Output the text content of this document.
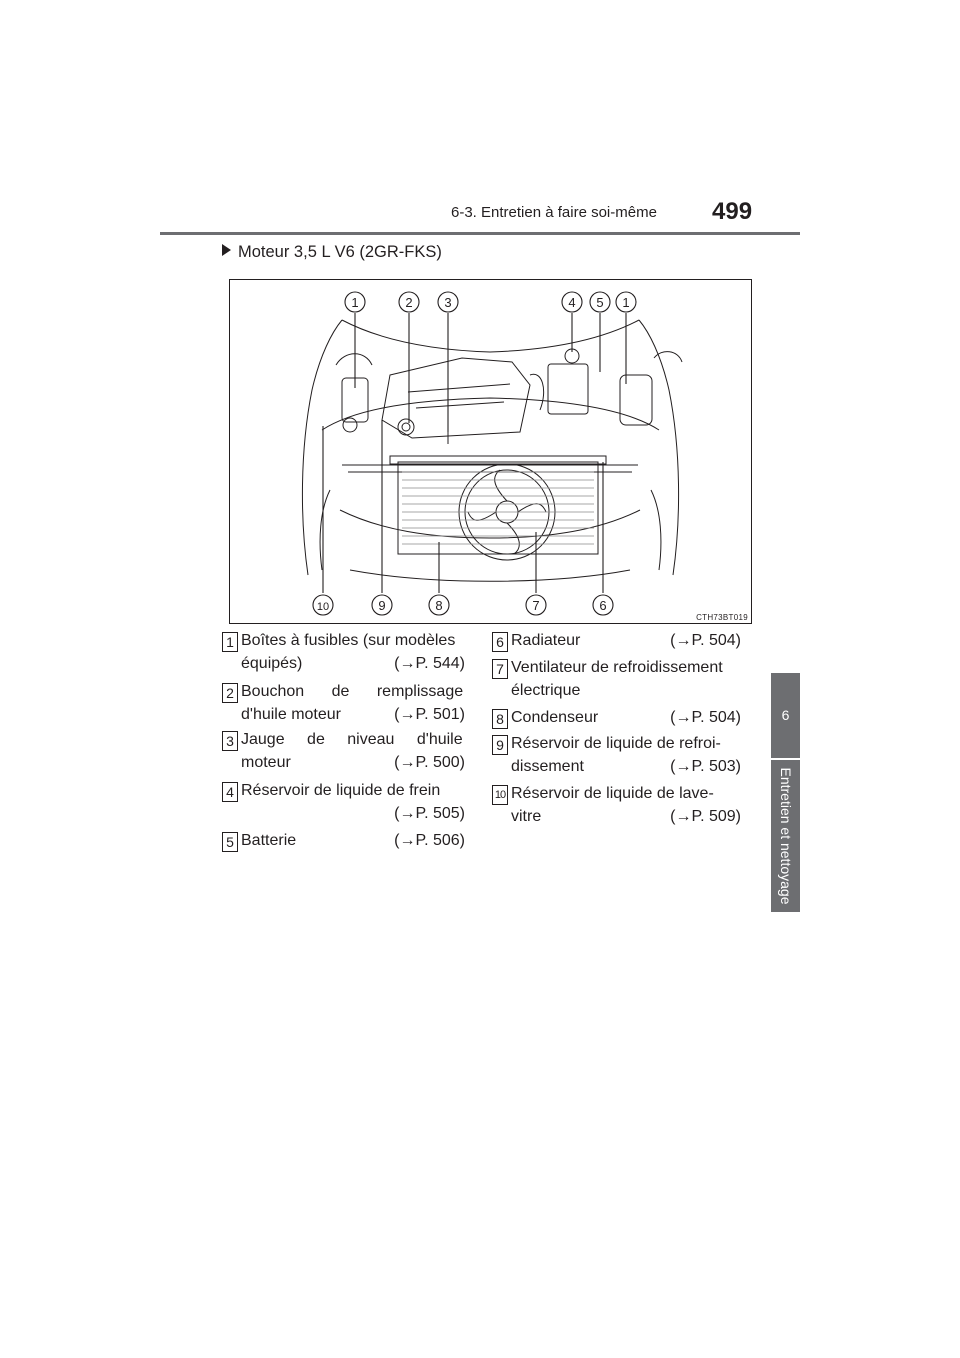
6-3. Entretien à faire soi-même 499
6
Entretien et nettoyage
Moteur 3,5 L V6 (2GR-FKS)
1	2 3	4 5 1
10	9	8	7	6
CTH73BT019
1 Boîtes à fusibles (sur modèles
équipés)	(→P. 544)
2 Bouchon de remplissage
d'huile moteur	(→P. 501)
3 Jauge de niveau d'huile
moteur	(→P. 500)
4 Réservoir de liquide de frein
(→P. 505)
5 Batterie	(→P. 506)
6 Radiateur	(→P. 504)
7 Ventilateur de refroidissement
électrique
8 Condenseur	(→P. 504)
9 Réservoir de liquide de refroi-
dissement	(→P. 503)
10 Réservoir de liquide de lave-
vitre	(→P. 509)
